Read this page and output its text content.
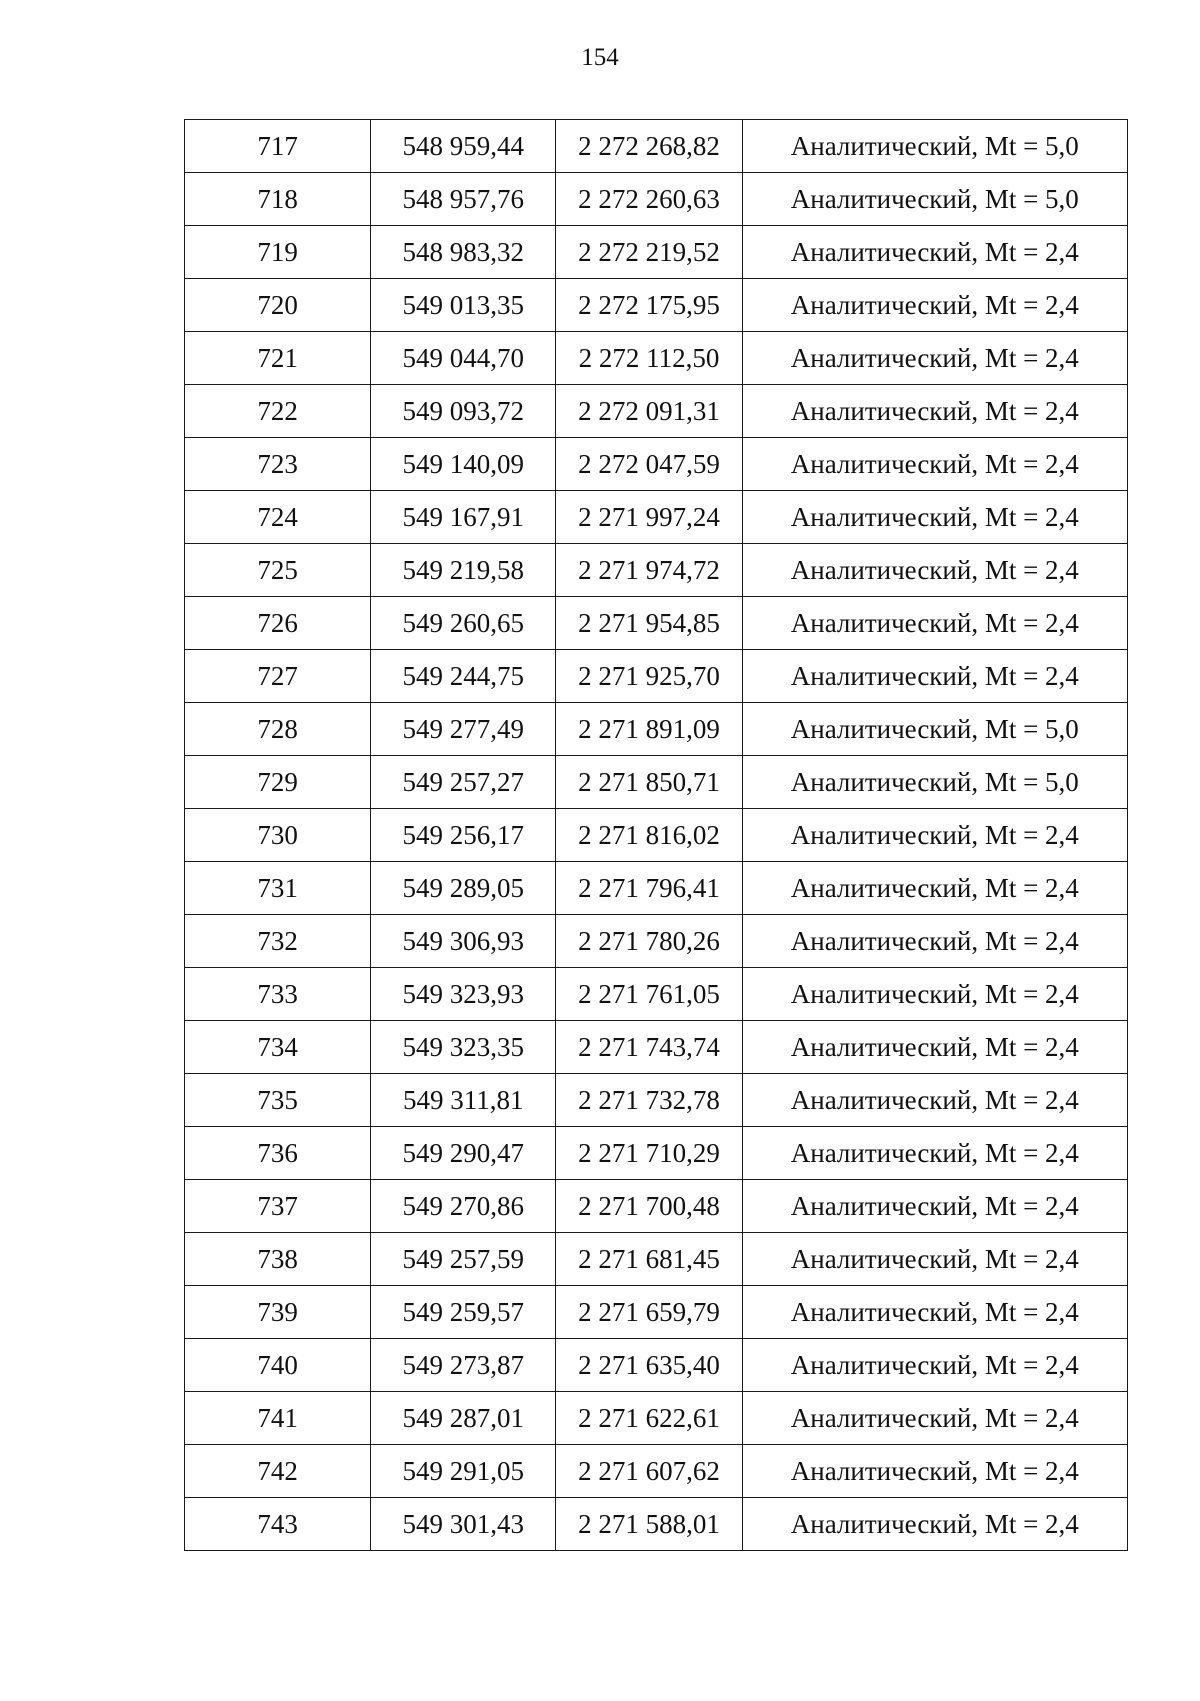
154
717	548 959,44	2 272 268,82	Аналитический, Mt = 5,0
718	548 957,76	2 272 260,63	Аналитический, Mt = 5,0
719	548 983,32	2 272 219,52	Аналитический, Mt = 2,4
720	549 013,35	2 272 175,95	Аналитический, Mt = 2,4
721	549 044,70	2 272 112,50	Аналитический, Mt = 2,4
722	549 093,72	2 272 091,31	Аналитический, Mt = 2,4
723	549 140,09	2 272 047,59	Аналитический, Mt = 2,4
724	549 167,91	2 271 997,24	Аналитический, Mt = 2,4
725	549 219,58	2 271 974,72	Аналитический, Mt = 2,4
726	549 260,65	2 271 954,85	Аналитический, Mt = 2,4
727	549 244,75	2 271 925,70	Аналитический, Mt = 2,4
728	549 277,49	2 271 891,09	Аналитический, Mt = 5,0
729	549 257,27	2 271 850,71	Аналитический, Mt = 5,0
730	549 256,17	2 271 816,02	Аналитический, Mt = 2,4
731	549 289,05	2 271 796,41	Аналитический, Mt = 2,4
732	549 306,93	2 271 780,26	Аналитический, Mt = 2,4
733	549 323,93	2 271 761,05	Аналитический, Mt = 2,4
734	549 323,35	2 271 743,74	Аналитический, Mt = 2,4
735	549 311,81	2 271 732,78	Аналитический, Mt = 2,4
736	549 290,47	2 271 710,29	Аналитический, Mt = 2,4
737	549 270,86	2 271 700,48	Аналитический, Mt = 2,4
738	549 257,59	2 271 681,45	Аналитический, Mt = 2,4
739	549 259,57	2 271 659,79	Аналитический, Mt = 2,4
740	549 273,87	2 271 635,40	Аналитический, Mt = 2,4
741	549 287,01	2 271 622,61	Аналитический, Mt = 2,4
742	549 291,05	2 271 607,62	Аналитический, Mt = 2,4
743	549 301,43	2 271 588,01	Аналитический, Mt = 2,4
